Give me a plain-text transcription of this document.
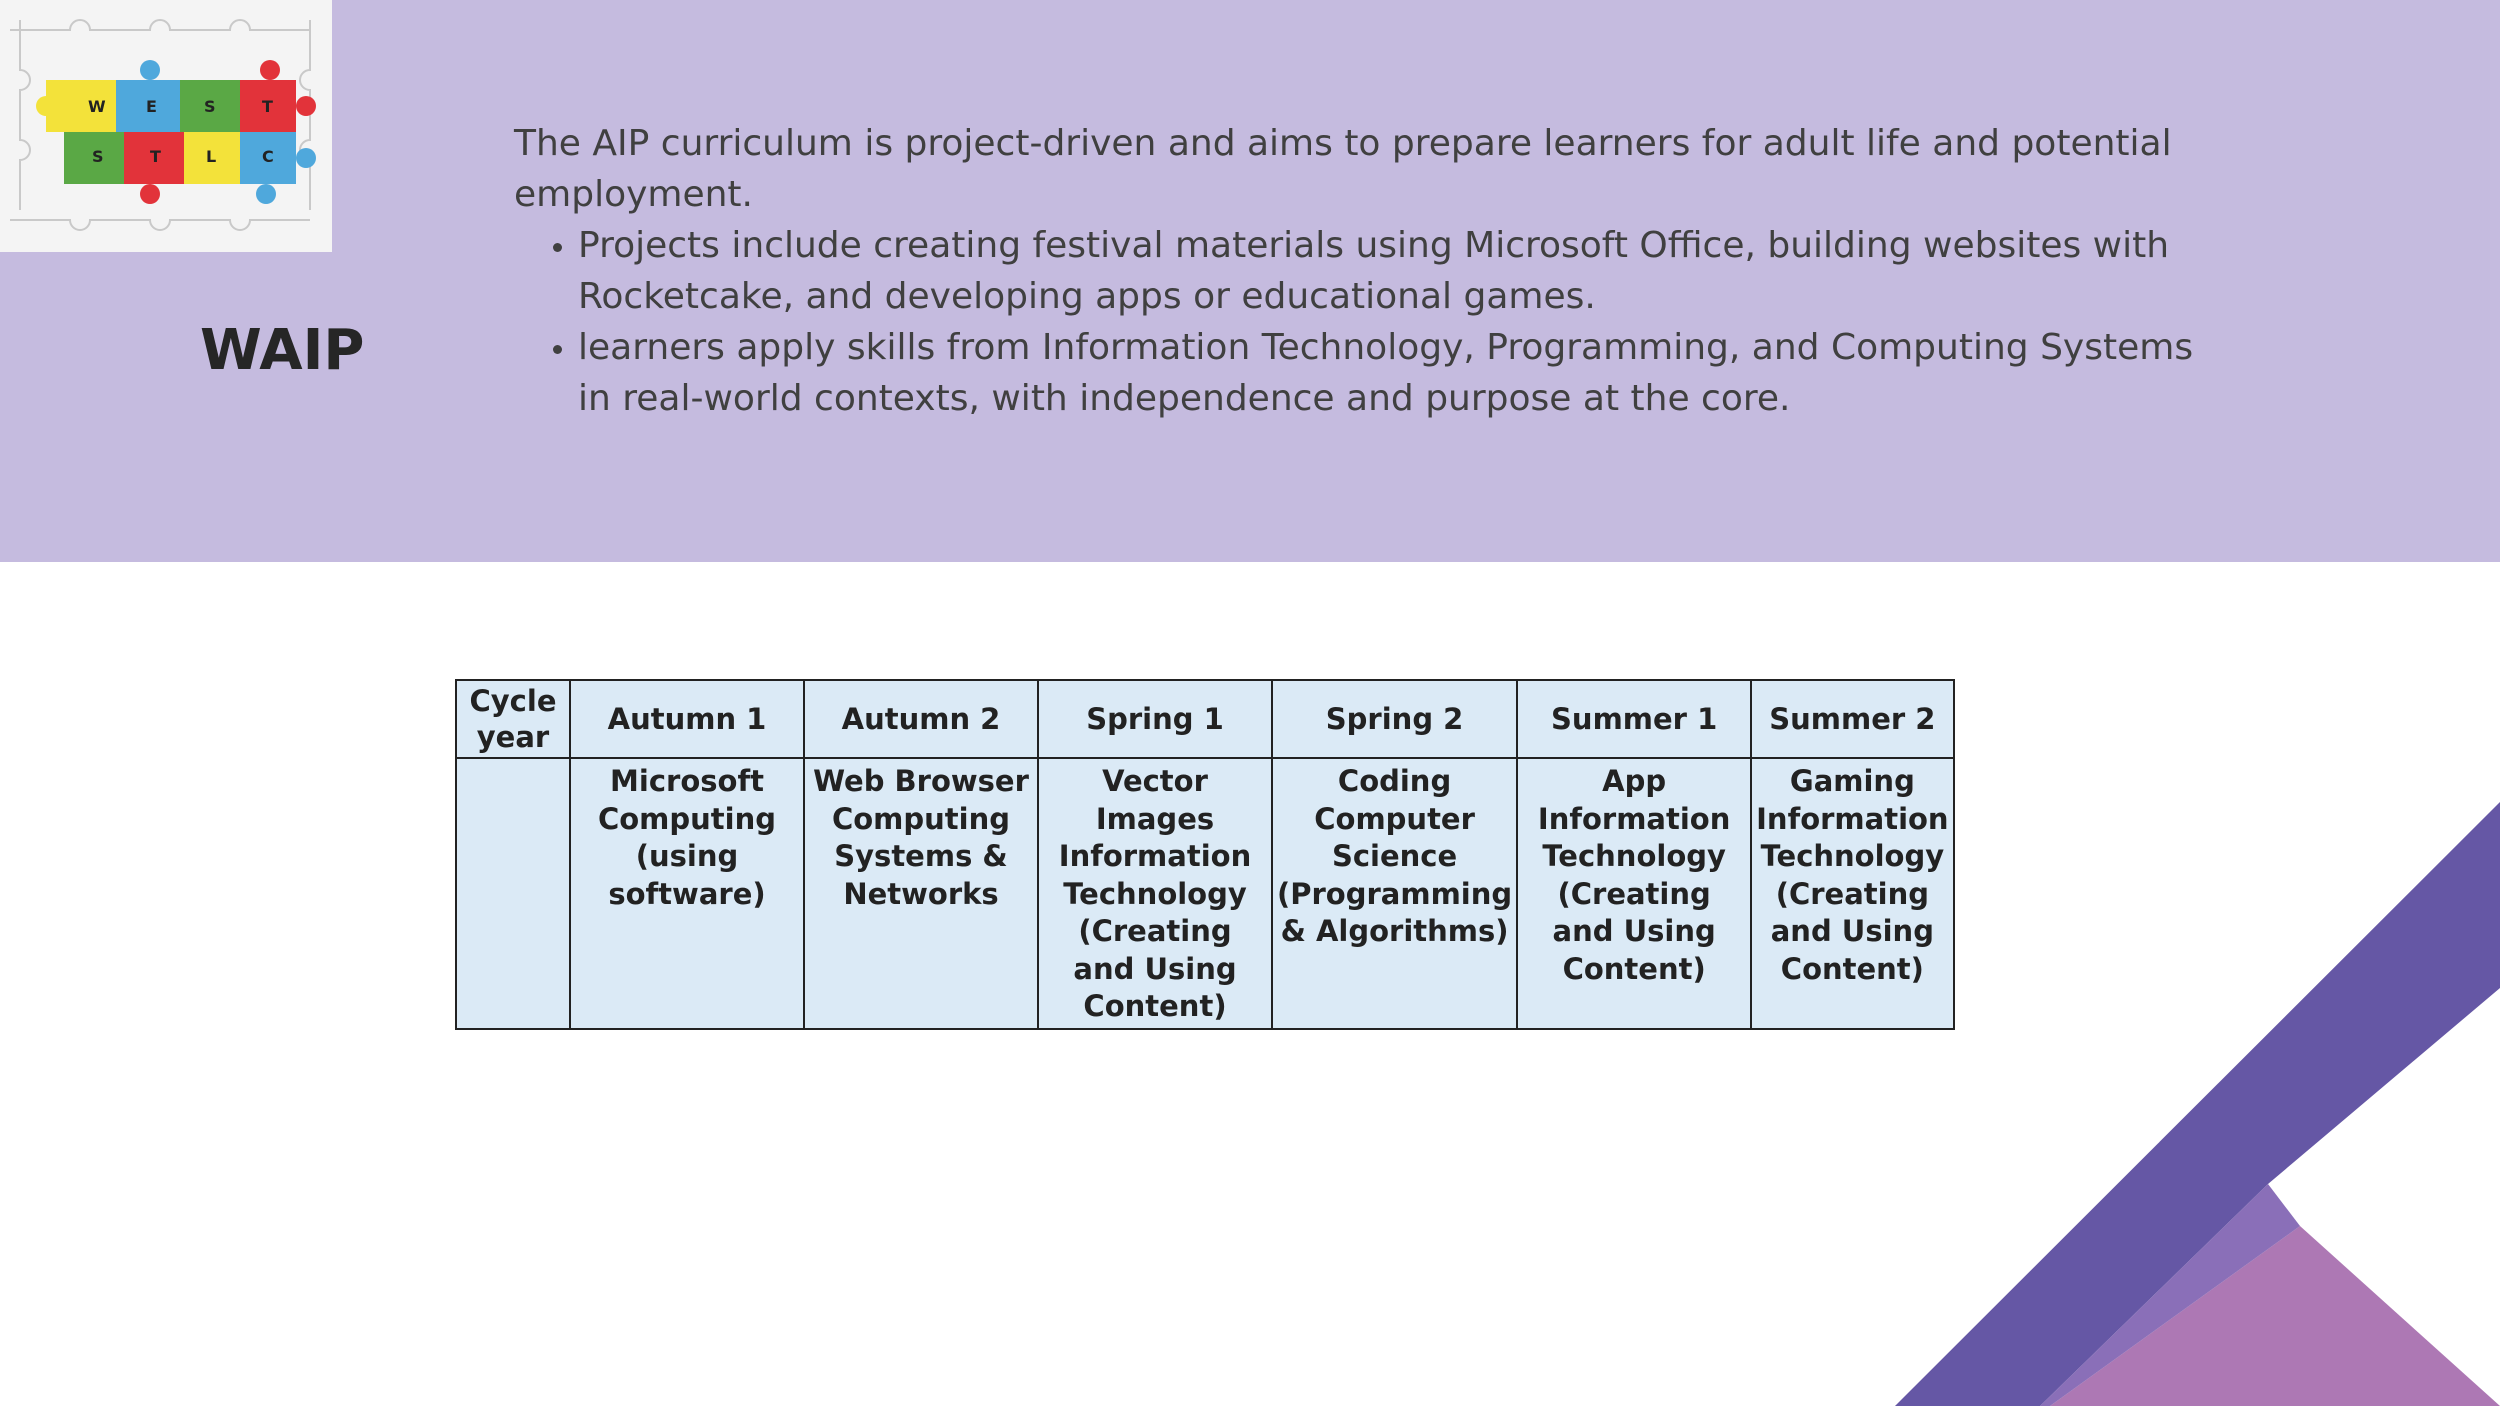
W	E	S	T
S	T	L	C
WAIP

The AIP curriculum is project-driven and aims to prepare learners for adult life and potential employment.

• Projects include creating festival materials using Microsoft Office, building websites with Rocketcake, and developing apps or educational games.
• learners apply skills from Information Technology, Programming, and Computing Systems in real-world contexts, with independence and purpose at the core.
Cycle year	Autumn 1	Autumn 2	Spring 1	Spring 2	Summer 1	Summer 2
	Microsoft Computing (using software)	Web Browser Computing Systems & Networks	Vector Images Information Technology (Creating and Using Content)	Coding Computer Science (Programming & Algorithms)	App Information Technology (Creating and Using Content)	Gaming Information Technology (Creating and Using Content)
